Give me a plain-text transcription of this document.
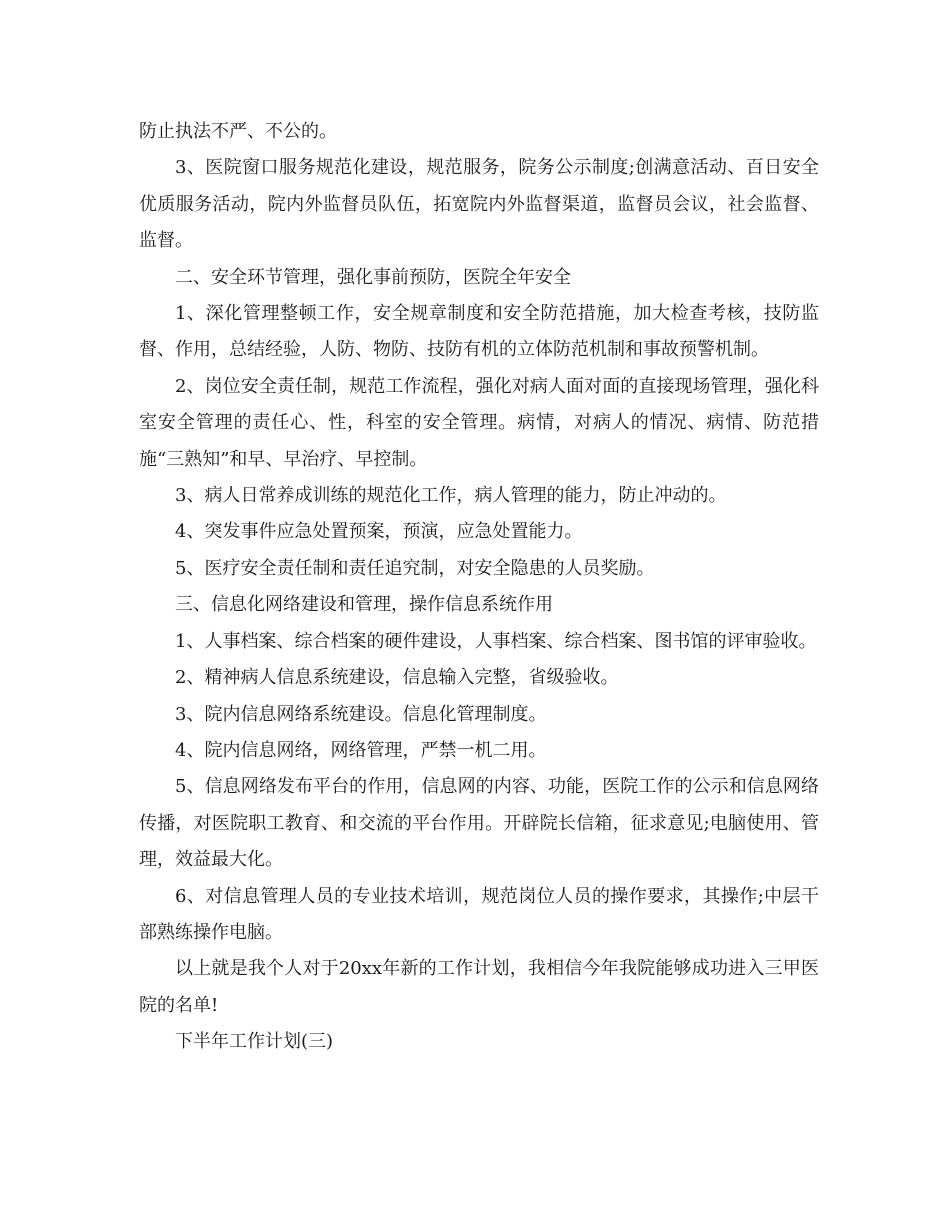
防止执法不严、不公的。

3、医院窗口服务规范化建设，规范服务，院务公示制度;创满意活动、百日安全优质服务活动，院内外监督员队伍，拓宽院内外监督渠道，监督员会议，社会监督、监督。

二、安全环节管理，强化事前预防，医院全年安全

1、深化管理整顿工作，安全规章制度和安全防范措施，加大检查考核，技防监督、作用，总结经验，人防、物防、技防有机的立体防范机制和事故预警机制。

2、岗位安全责任制，规范工作流程，强化对病人面对面的直接现场管理，强化科室安全管理的责任心、性，科室的安全管理。病情，对病人的情况、病情、防范措施“三熟知”和早、早治疗、早控制。

3、病人日常养成训练的规范化工作，病人管理的能力，防止冲动的。

4、突发事件应急处置预案，预演，应急处置能力。

5、医疗安全责任制和责任追究制，对安全隐患的人员奖励。

三、信息化网络建设和管理，操作信息系统作用

1、人事档案、综合档案的硬件建设，人事档案、综合档案、图书馆的评审验收。

2、精神病人信息系统建设，信息输入完整，省级验收。

3、院内信息网络系统建设。信息化管理制度。

4、院内信息网络，网络管理，严禁一机二用。

5、信息网络发布平台的作用，信息网的内容、功能，医院工作的公示和信息网络传播，对医院职工教育、和交流的平台作用。开辟院长信箱，征求意见;电脑使用、管理，效益最大化。

6、对信息管理人员的专业技术培训，规范岗位人员的操作要求，其操作;中层干部熟练操作电脑。

以上就是我个人对于20xx年新的工作计划，我相信今年我院能够成功进入三甲医院的名单!

下半年工作计划(三)
